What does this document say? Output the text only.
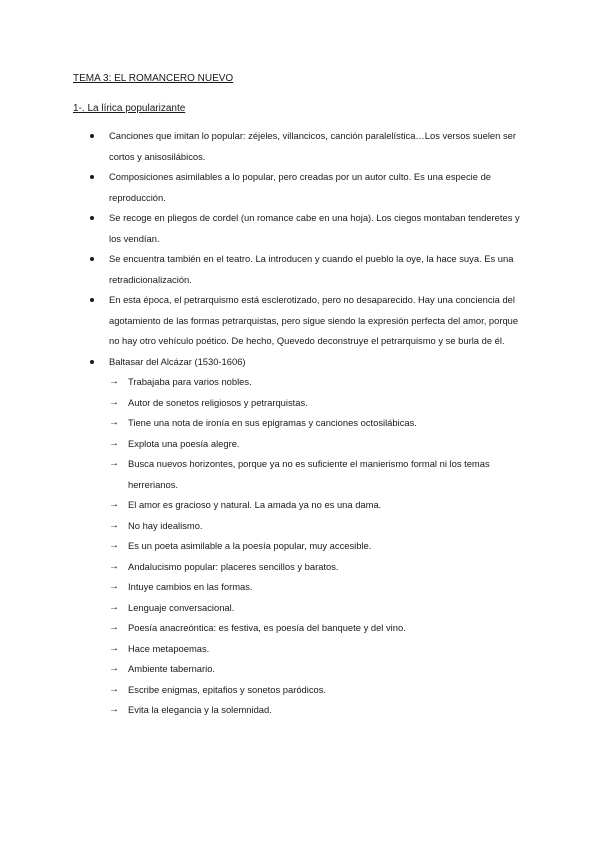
TEMA 3: EL ROMANCERO NUEVO
1-. La lírica popularizante
Canciones que imitan lo popular: zéjeles, villancicos, canción paralelística…Los versos suelen ser cortos y anisosilábicos.
Composiciones asimilables a lo popular, pero creadas por un autor culto. Es una especie de reproducción.
Se recoge en pliegos de cordel (un romance cabe en una hoja). Los ciegos montaban tenderetes y los vendían.
Se encuentra también en el teatro. La introducen y cuando el pueblo la oye, la hace suya. Es una retradicionalización.
En esta época, el petrarquismo está esclerotizado, pero no desaparecido. Hay una conciencia del agotamiento de las formas petrarquistas, pero sigue siendo la expresión perfecta del amor, porque no hay otro vehículo poético. De hecho, Quevedo deconstruye el petrarquismo y se burla de él.
Baltasar del Alcázar (1530-1606)
→ Trabajaba para varios nobles.
→ Autor de sonetos religiosos y petrarquistas.
→ Tiene una nota de ironía en sus epigramas y canciones octosilábicas.
→ Explota una poesía alegre.
→ Busca nuevos horizontes, porque ya no es suficiente el manierismo formal ni los temas herrerianos.
→ El amor es gracioso y natural. La amada ya no es una dama.
→ No hay idealismo.
→ Es un poeta asimilable a la poesía popular, muy accesible.
→ Andalucismo popular: placeres sencillos y baratos.
→ Intuye cambios en las formas.
→ Lenguaje conversacional.
→ Poesía anacreóntica: es festiva, es poesía del banquete y del vino.
→ Hace metapoemas.
→ Ambiente tabernario.
→ Escribe enigmas, epitafios y sonetos paródicos.
→ Evita la elegancia y la solemnidad.
